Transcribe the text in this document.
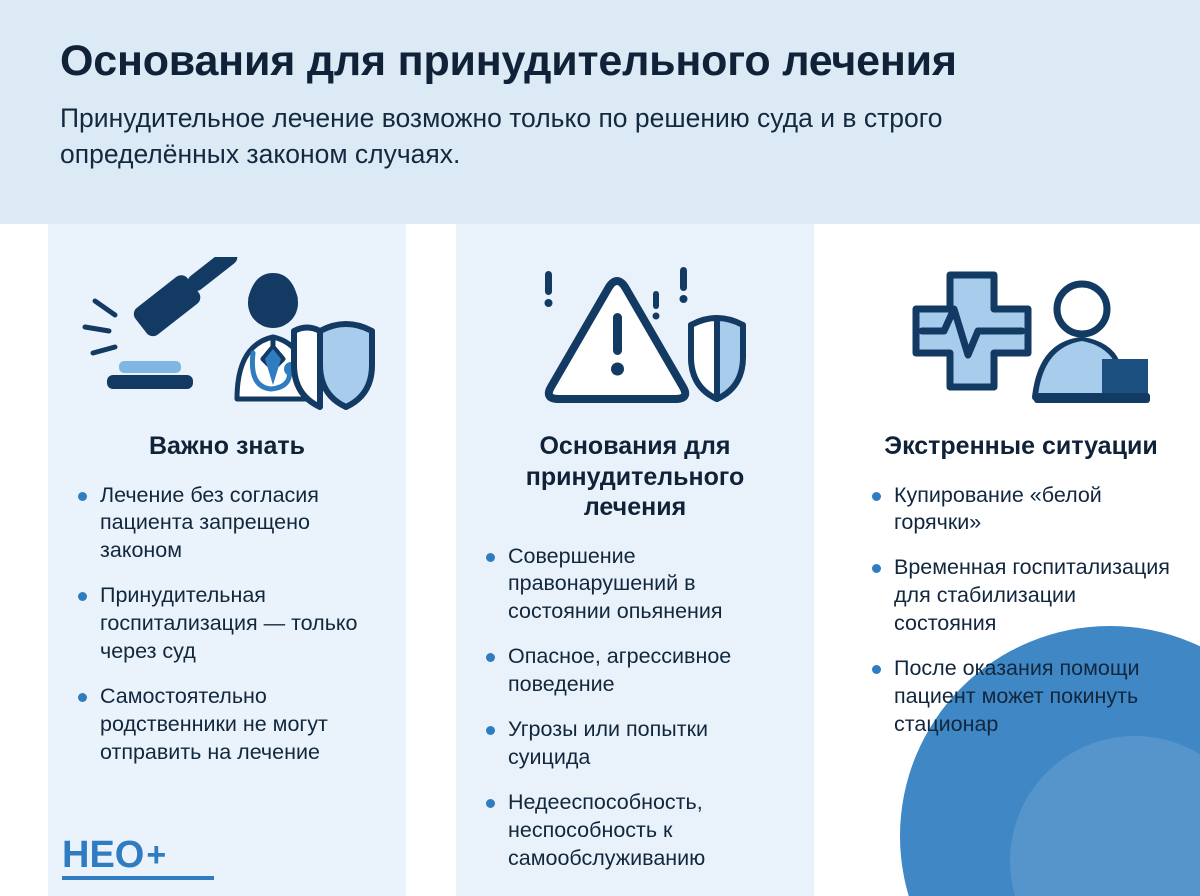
Основания для принудительного лечения

Принудительное лечение возможно только по решению суда и в строго определённых законом случаях.

Важно знать
Лечение без согласия пациента запрещено законом
Принудительная госпитализация — только через суд
Самостоятельно родственники не могут отправить на лечение
Основания для принудительного лечения
Совершение правонарушений в состоянии опьянения
Опасное, агрессивное поведение
Угрозы или попытки суицида
Недееспособность, неспособность к самообслуживанию
Экстренные ситуации
Купирование «белой горячки»
Временная госпитализация для стабилизации состояния
После оказания помощи пациент может покинуть стационар
НЕО +
